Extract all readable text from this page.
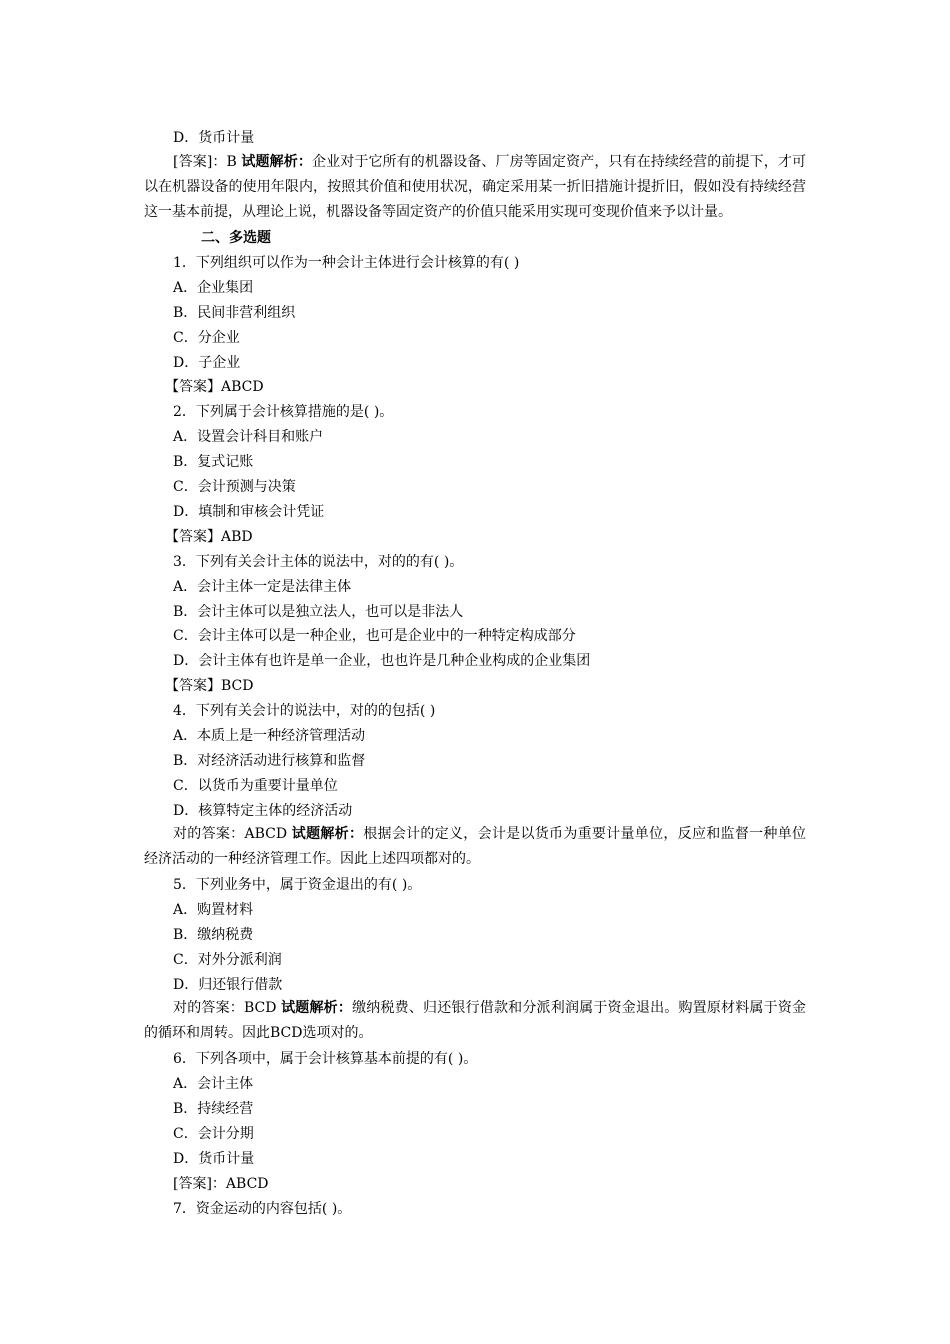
D．货币计量
[答案]：B 试题解析：企业对于它所有的机器设备、厂房等固定资产，只有在持续经营的前提下，才可以在机器设备的使用年限内，按照其价值和使用状况，确定采用某一折旧措施计提折旧，假如没有持续经营这一基本前提，从理论上说，机器设备等固定资产的价值只能采用实现可变现价值来予以计量。
二、多选题
1．下列组织可以作为一种会计主体进行会计核算的有( )
A．企业集团
B．民间非营利组织
C．分企业
D．子企业
【答案】ABCD
2．下列属于会计核算措施的是( )。
A．设置会计科目和账户
B．复式记账
C．会计预测与决策
D．填制和审核会计凭证
【答案】ABD
3．下列有关会计主体的说法中，对的的有( )。
A．会计主体一定是法律主体
B．会计主体可以是独立法人，也可以是非法人
C．会计主体可以是一种企业，也可是企业中的一种特定构成部分
D．会计主体有也许是单一企业，也也许是几种企业构成的企业集团
【答案】BCD
4．下列有关会计的说法中，对的的包括( )
A．本质上是一种经济管理活动
B．对经济活动进行核算和监督
C．以货币为重要计量单位
D．核算特定主体的经济活动
对的答案：ABCD 试题解析：根据会计的定义，会计是以货币为重要计量单位，反应和监督一种单位经济活动的一种经济管理工作。因此上述四项都对的。
5．下列业务中，属于资金退出的有( )。
A．购置材料
B．缴纳税费
C．对外分派利润
D．归还银行借款
对的答案：BCD 试题解析：缴纳税费、归还银行借款和分派利润属于资金退出。购置原材料属于资金的循环和周转。因此BCD选项对的。
6．下列各项中，属于会计核算基本前提的有( )。
A．会计主体
B．持续经营
C．会计分期
D．货币计量
[答案]：ABCD
7．资金运动的内容包括( )。
